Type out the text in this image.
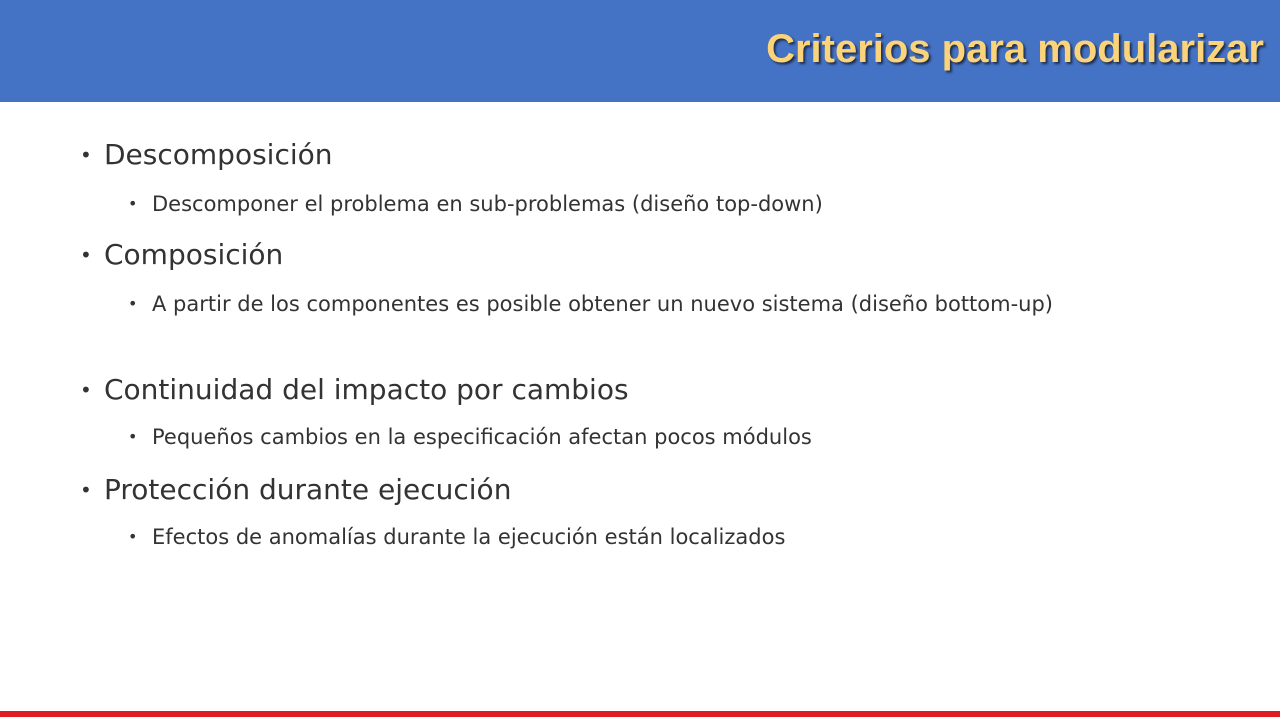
Criterios para modularizar
• Descomposición
• Descomponer el problema en sub-problemas (diseño top-down)
• Composición
• A partir de los componentes es posible obtener un nuevo sistema (diseño bottom-up)
• Continuidad del impacto por cambios
• Pequeños cambios en la especificación afectan pocos módulos
• Protección durante ejecución
• Efectos de anomalías durante la ejecución están localizados
